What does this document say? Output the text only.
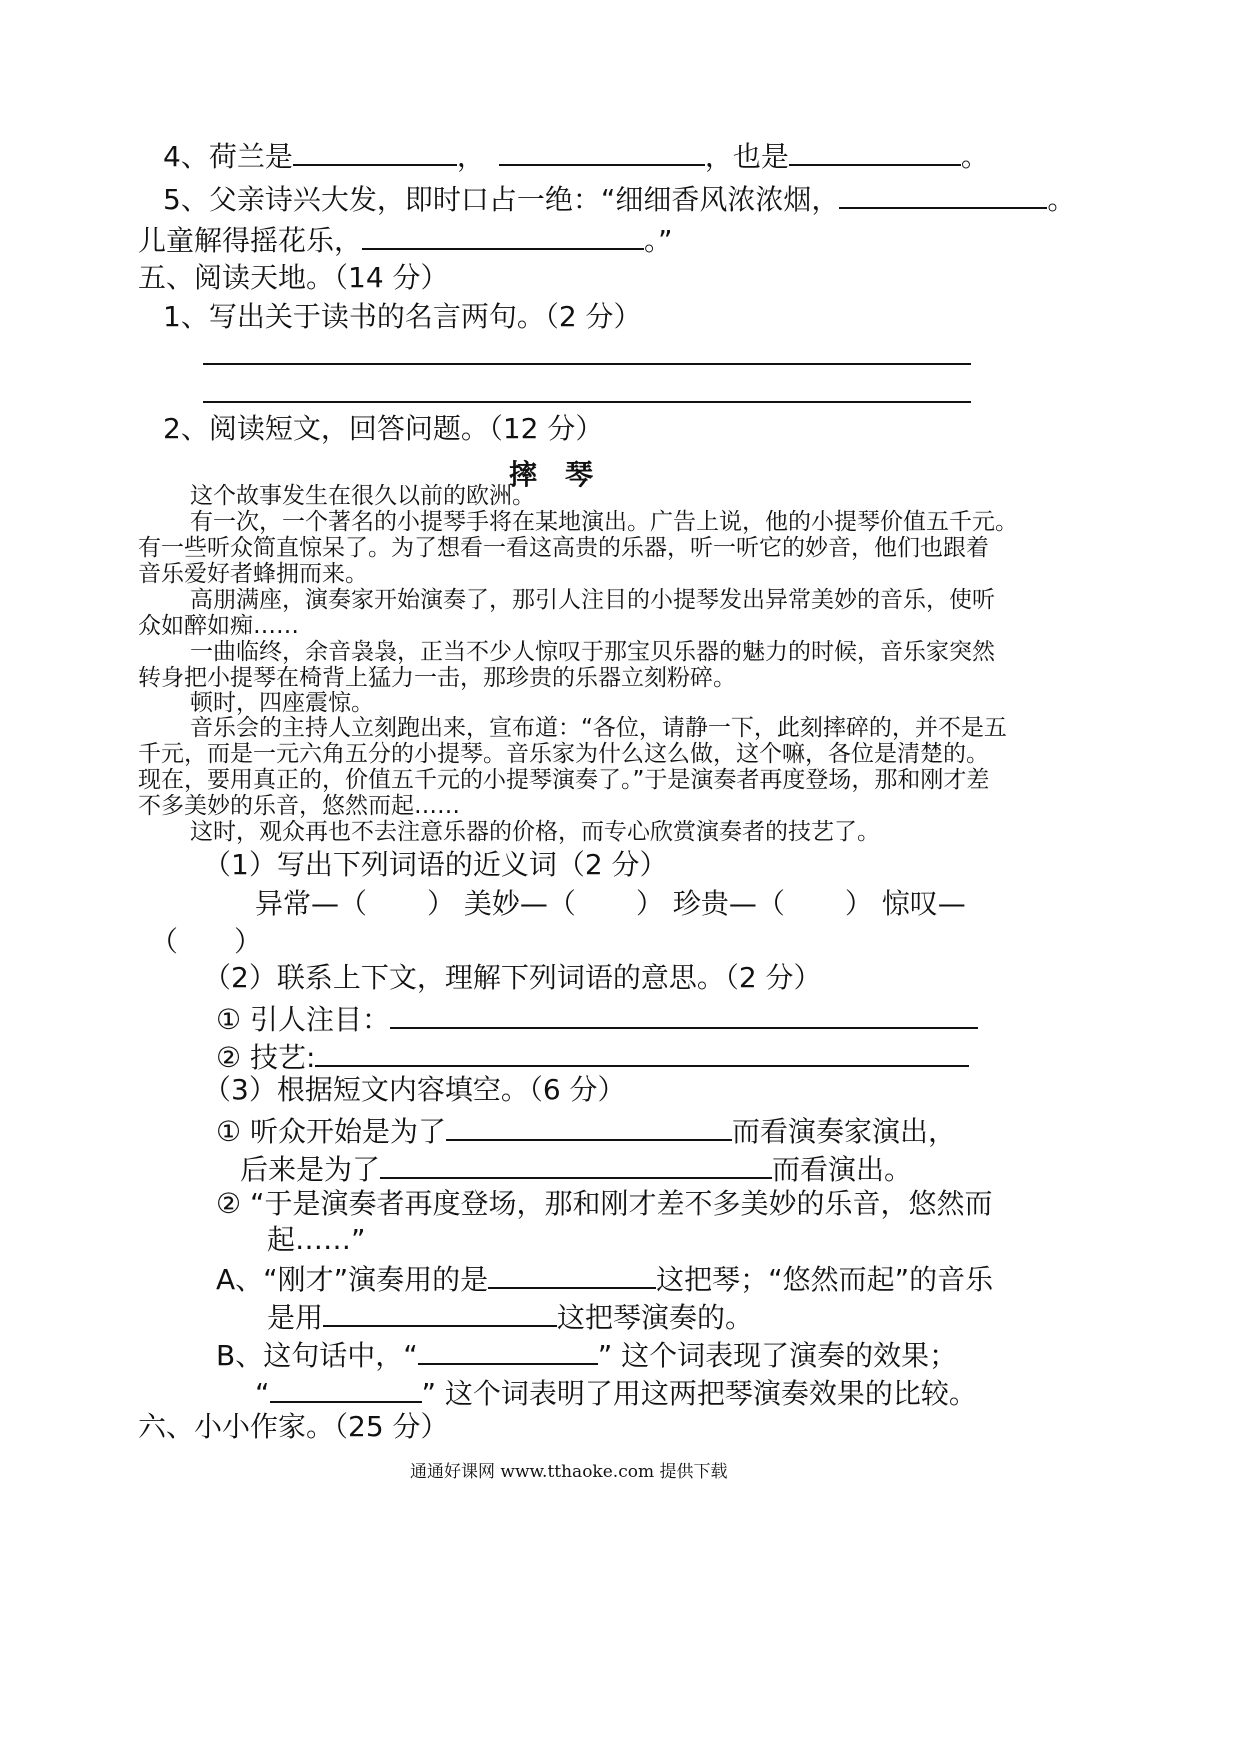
4、荷兰是	，	，也是	。
5、父亲诗兴大发，即时口占一绝：“细细香风浓浓烟，	。
儿童解得摇花乐，	。”
五、阅读天地。（14 分）
1、写出关于读书的名言两句。（2 分）
2、阅读短文，回答问题。（12 分）
摔琴
这个故事发生在很久以前的欧洲。
有一次，一个著名的小提琴手将在某地演出。广告上说，他的小提琴价值五千元。
有一些听众简直惊呆了。为了想看一看这高贵的乐器，听一听它的妙音，他们也跟着
音乐爱好者蜂拥而来。
高朋满座，演奏家开始演奏了，那引人注目的小提琴发出异常美妙的音乐，使听
众如醉如痴……
一曲临终，余音袅袅，正当不少人惊叹于那宝贝乐器的魅力的时候，音乐家突然
转身把小提琴在椅背上猛力一击，那珍贵的乐器立刻粉碎。
顿时，四座震惊。
音乐会的主持人立刻跑出来，宣布道：“各位，请静一下，此刻摔碎的，并不是五
千元，而是一元六角五分的小提琴。音乐家为什么这么做，这个嘛，各位是清楚的。
现在，要用真正的，价值五千元的小提琴演奏了。”于是演奏者再度登场，那和刚才差
不多美妙的乐音，悠然而起……
这时，观众再也不去注意乐器的价格，而专心欣赏演奏者的技艺了。
（1）写出下列词语的近义词（2 分）
异常—（ ） 美妙—（ ） 珍贵—（ ） 惊叹—
（ ）
（2）联系上下文，理解下列词语的意思。（2 分）
① 引人注目：
② 技艺:
（3）根据短文内容填空。（6 分）
① 听众开始是为了	而看演奏家演出，
后来是为了	而看演出。
② “于是演奏者再度登场，那和刚才差不多美妙的乐音，悠然而
起……”
A、“刚才”演奏用的是	这把琴；“悠然而起”的音乐
是用	这把琴演奏的。
B、这句话中，“	” 这个词表现了演奏的效果；
“	” 这个词表明了用这两把琴演奏效果的比较。
六、小小作家。（25 分）
通通好课网 www.tthaoke.com 提供下载
